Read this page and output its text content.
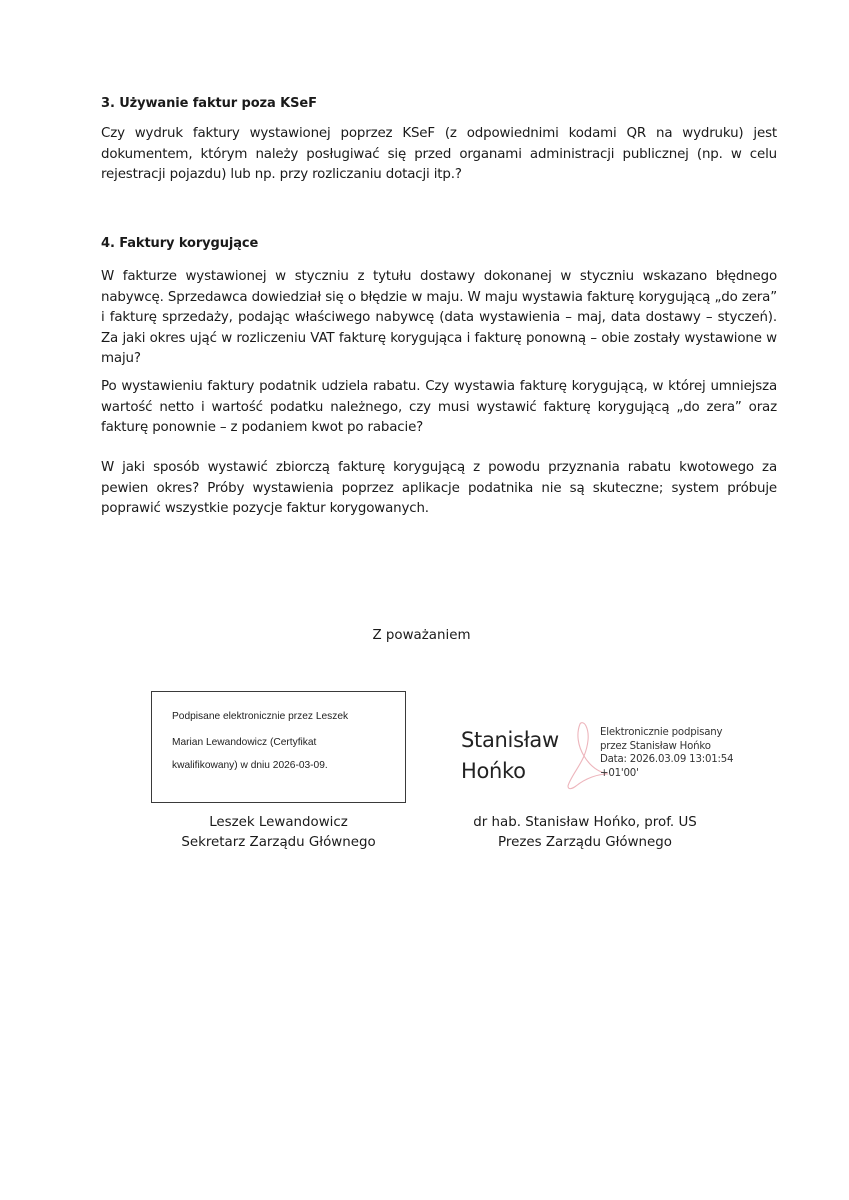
3. Używanie faktur poza KSeF

Czy wydruk faktury wystawionej poprzez KSeF (z odpowiednimi kodami QR na wydruku) jest dokumentem, którym należy posługiwać się przed organami administracji publicznej (np. w celu rejestracji pojazdu) lub np. przy rozliczaniu dotacji itp.?

4. Faktury korygujące

W fakturze wystawionej w styczniu z tytułu dostawy dokonanej w styczniu wskazano błędnego nabywcę. Sprzedawca dowiedział się o błędzie w maju. W maju wystawia fakturę korygującą „do zera” i fakturę sprzedaży, podając właściwego nabywcę (data wystawienia – maj, data dostawy – styczeń). Za jaki okres ująć w rozliczeniu VAT fakturę korygująca i fakturę ponowną – obie zostały wystawione w maju?

Po wystawieniu faktury podatnik udziela rabatu. Czy wystawia fakturę korygującą, w której umniejsza wartość netto i wartość podatku należnego, czy musi wystawić fakturę korygującą „do zera” oraz fakturę ponownie – z podaniem kwot po rabacie?

W jaki sposób wystawić zbiorczą fakturę korygującą z powodu przyznania rabatu kwotowego za pewien okres? Próby wystawienia poprzez aplikacje podatnika nie są skuteczne; system próbuje poprawić wszystkie pozycje faktur korygowanych.

Z poważaniem
Podpisane elektronicznie przez Leszek
Marian Lewandowicz (Certyfikat
kwalifikowany) w dniu 2026-03-09.
Leszek Lewandowicz
Sekretarz Zarządu Głównego
Stanisław
Hońko
Elektronicznie podpisany
przez Stanisław Hońko
Data: 2026.03.09 13:01:54
+01'00'
dr hab. Stanisław Hońko, prof. US
Prezes Zarządu Głównego
